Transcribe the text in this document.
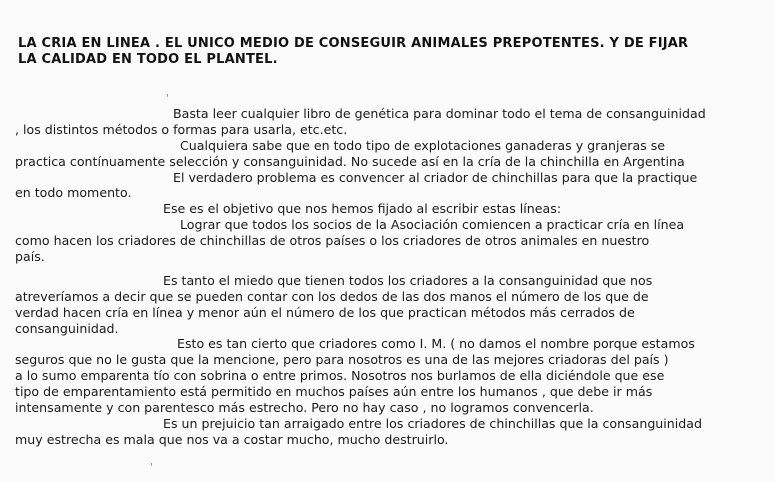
LA CRIA EN LINEA . EL UNICO MEDIO DE CONSEGUIR ANIMALES PREPOTENTES. Y DE FIJAR
LA CALIDAD EN TODO EL PLANTEL.
Basta leer cualquier libro de genética para dominar todo el tema de consanguinidad
, los distintos métodos o formas para usarla, etc.etc.
Cualquiera sabe que en todo tipo de explotaciones ganaderas y granjeras se
practica contínuamente selección y consanguinidad. No sucede así en la cría de la chinchilla en Argentina
El verdadero problema es convencer al criador de chinchillas para que la practique
en todo momento.
Ese es el objetivo que nos hemos fijado al escribir estas líneas:
Lograr que todos los socios de la Asociación comiencen a practicar cría en línea
como hacen los criadores de chinchillas de otros países o los criadores de otros animales en nuestro
país.
Es tanto el miedo que tienen todos los criadores a la consanguinidad que nos
atreveríamos a decir que se pueden contar con los dedos de las dos manos el número de los que de
verdad hacen cría en línea y menor aún el número de los que practican métodos más cerrados de
consanguinidad.
Esto es tan cierto que criadores como I. M. ( no damos el nombre porque estamos
seguros que no le gusta que la mencione, pero para nosotros es una de las mejores criadoras del país )
a lo sumo emparenta tío con sobrina o entre primos. Nosotros nos burlamos de ella diciéndole que ese
tipo de emparentamiento está permitido en muchos países aún entre los humanos , que debe ir más
intensamente y con parentesco más estrecho. Pero no hay caso , no logramos convencerla.
Es un prejuicio tan arraigado entre los criadores de chinchillas que la consanguinidad
muy estrecha es mala que nos va a costar mucho, mucho destruirlo.
'
'
